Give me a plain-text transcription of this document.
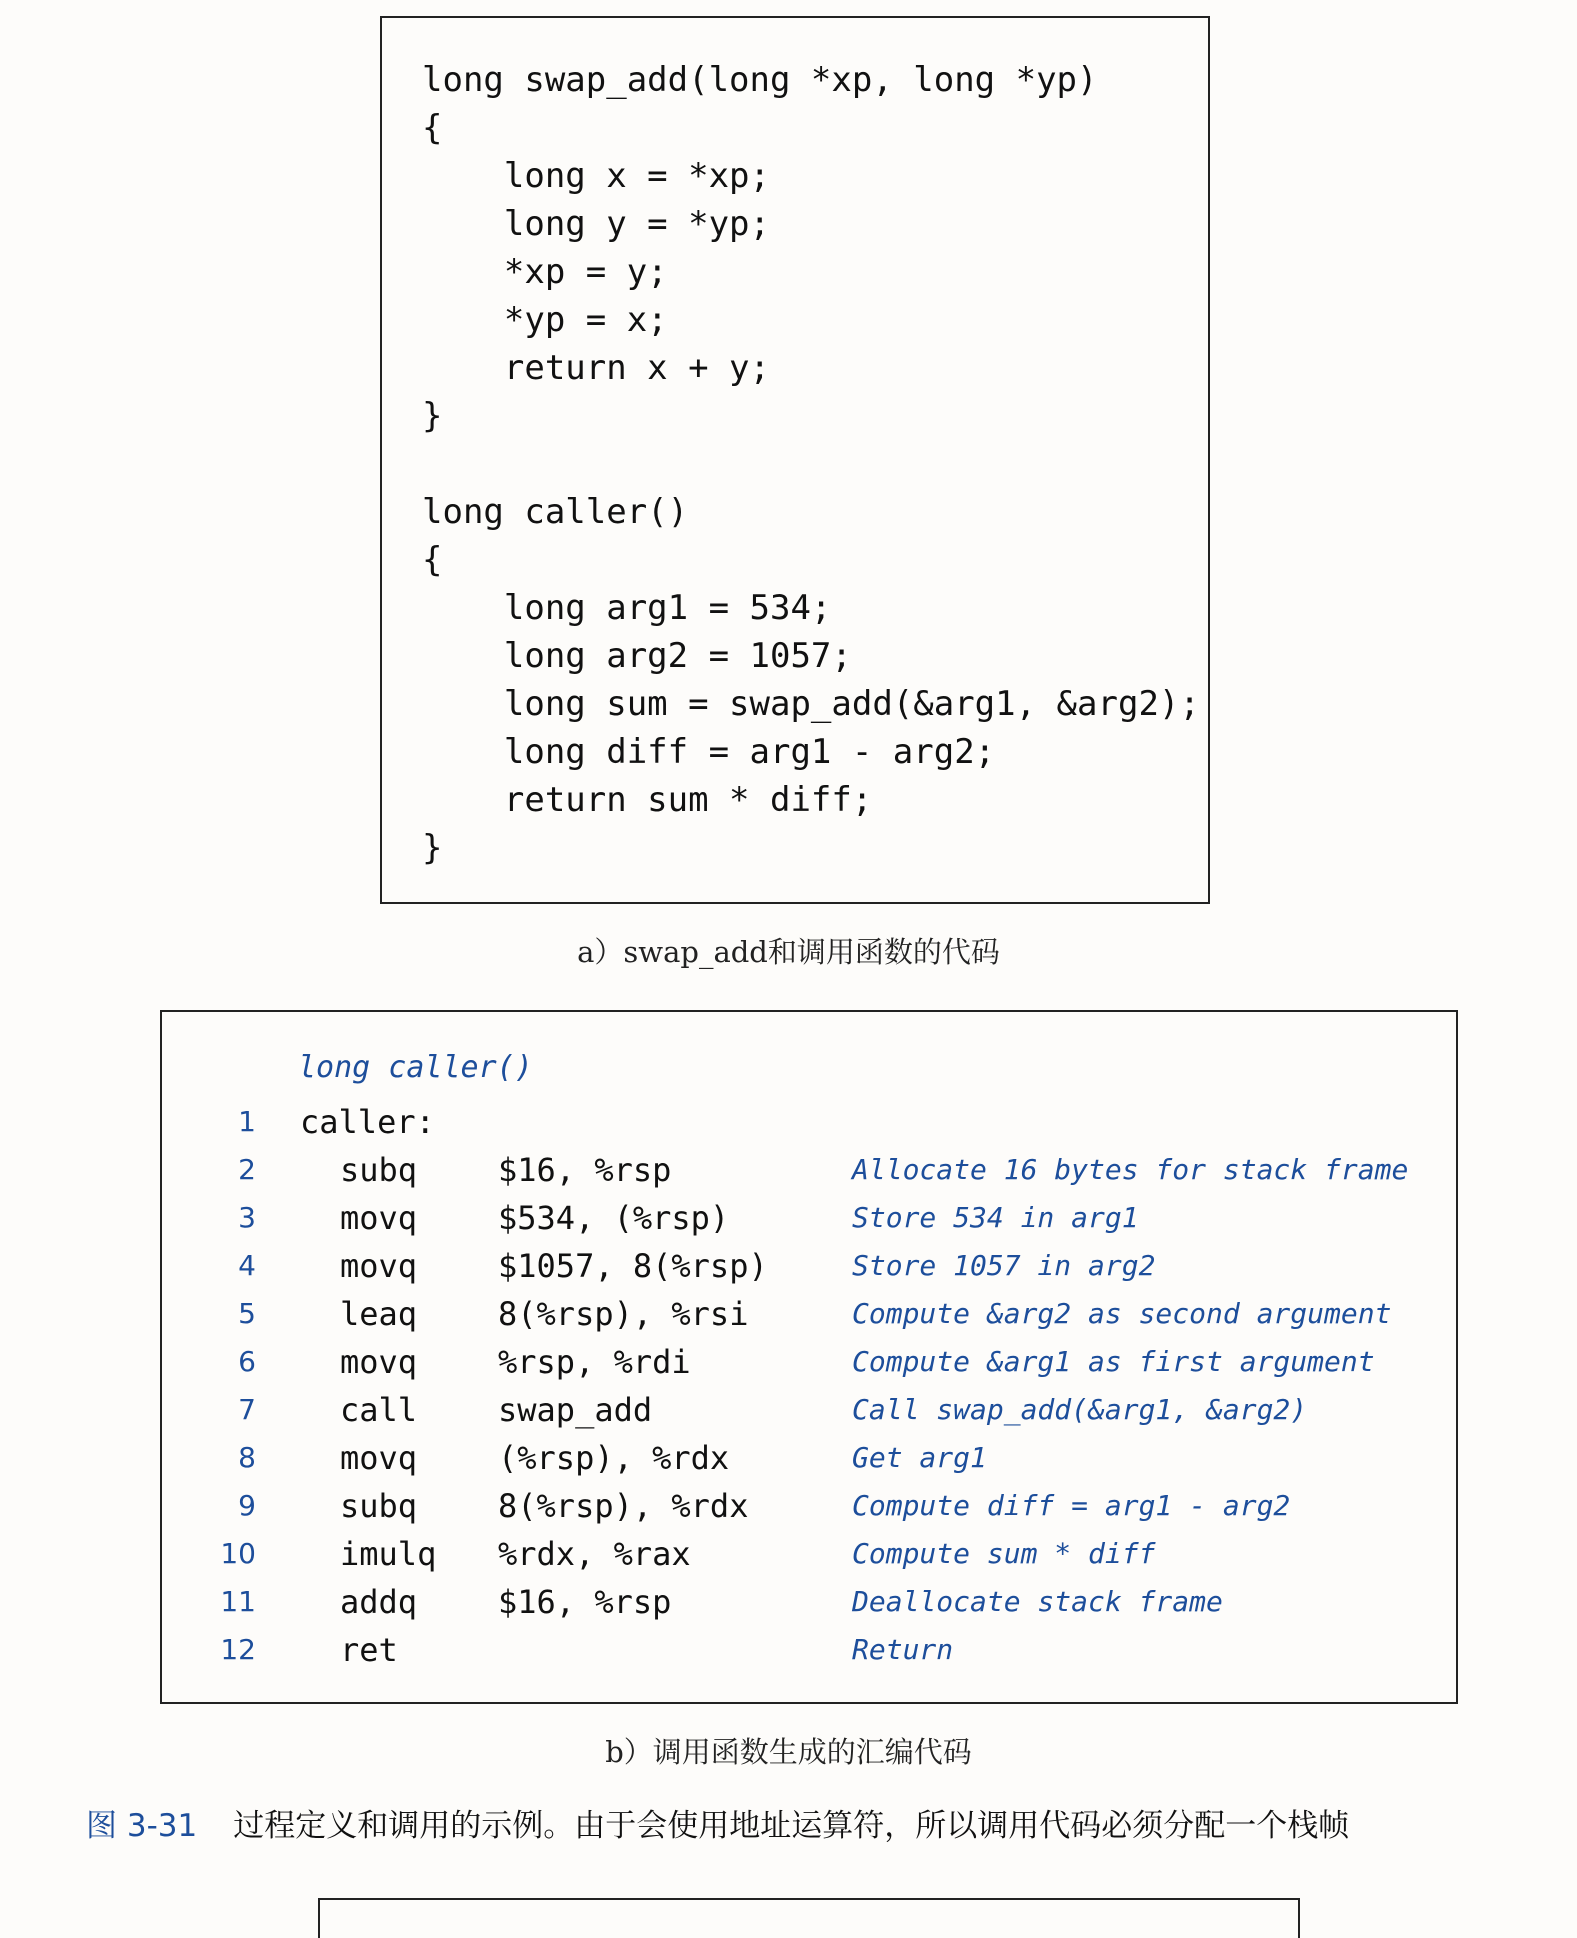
long swap_add(long *xp, long *yp)
{
long x = *xp;
long y = *yp;
*xp = y;
*yp = x;
return x + y;
}
long caller()
{
long arg1 = 534;
long arg2 = 1057;
long sum = swap_add(&arg1, &arg2);
long diff = arg1 - arg2;
return sum * diff;
}
a）swap_add和调用函数的代码
long caller()
1 caller:
2	subq	$16, %rsp	Allocate 16 bytes for stack frame
3	movq	$534, (%rsp)	Store 534 in arg1
4	movq	$1057, 8(%rsp)	Store 1057 in arg2
5	leaq	8(%rsp), %rsi	Compute &arg2 as second argument
6	movq	%rsp, %rdi	Compute &arg1 as first argument
7	call	swap_add	Call swap_add(&arg1, &arg2)
8	movq	(%rsp), %rdx	Get arg1
9	subq	8(%rsp), %rdx	Compute diff = arg1 - arg2
10	imulq %rdx, %rax	Compute sum * diff
11	addq	$16, %rsp	Deallocate stack frame
12	ret	Return
b）调用函数生成的汇编代码
图 3-31 过程定义和调用的示例。由于会使用地址运算符，所以调用代码必须分配一个栈帧
